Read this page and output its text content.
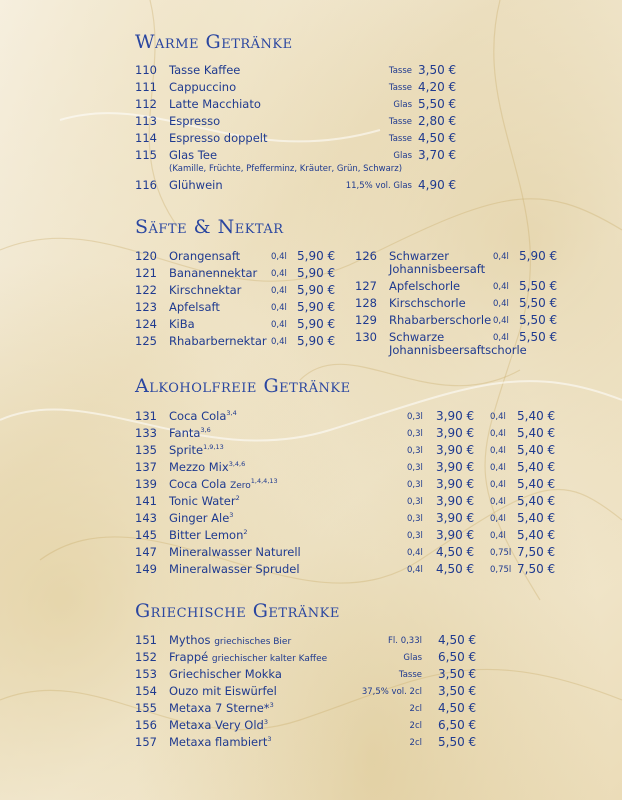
Warme Getränke
110 Tasse Kaffee	Tasse 3,50 €
111 Cappuccino	Tasse 4,20 €
112 Latte Macchiato	Glas 5,50 €
113 Espresso	Tasse 2,80 €
114 Espresso doppelt	Tasse 4,50 €
115 Glas Tee	Glas 3,70 €
116 Glühwein	11,5% vol. Glas 4,90 €
(Kamille, Früchte, Pfefferminz, Kräuter, Grün, Schwarz)
Säfte & Nektar
120 Orangensaft	0,4l 5,90 €
121 Bananennektar 0,4l 5,90 €
122 Kirschnektar	0,4l 5,90 €
123 Apfelsaft	0,4l 5,90 €
124 KiBa	0,4l 5,90 €
125 Rhabarbernektar 0,4l 5,90 €
126 Schwarzer	0,4l 5,90 €
Johannisbeersaft
127 Apfelschorle	0,4l 5,50 €
128 Kirschschorle	0,4l 5,50 €
129 Rhabarberschorle 0,4l 5,50 €
130 Schwarze	0,4l 5,50 €
Johannisbeersaftschorle
Alkoholfreie Getränke
131 Coca Cola$^{3,4}$	0,3l 3,90 € 0,4l 5,40 €
133 Fanta$^{3,6}$	0,3l 3,90 € 0,4l 5,40 €
135 Sprite$^{1,9,13}$	0,3l 3,90 € 0,4l 5,40 €
137 Mezzo Mix$^{3,4,6}$	0,3l 3,90 € 0,4l 5,40 €
139 Coca Cola Zero$^{1,4,4,13}$	0,3l 3,90 € 0,4l 5,40 €
141 Tonic Water$^2$	0,3l 3,90 € 0,4l 5,40 €
143 Ginger Ale$^3$	0,3l 3,90 € 0,4l 5,40 €
145 Bitter Lemon$^2$	0,3l 3,90 € 0,4l 5,40 €
147 Mineralwasser Naturell	0,4l 4,50 € 0,75l 7,50 €
149 Mineralwasser Sprudel	0,4l 4,50 € 0,75l 7,50 €
Griechische Getränke
151 Mythos griechisches Bier	Fl. 0,33l 4,50 €
152 Frappé griechischer kalter Kaffee	Glas 6,50 €
153 Griechischer Mokka	Tasse 3,50 €
154 Ouzo mit Eiswürfel	37,5% vol. 2cl 3,50 €
155 Metaxa 7 Sterne*$^3$	2cl 4,50 €
156 Metaxa Very Old$^3$	2cl 6,50 €
157 Metaxa flambiert$^3$	2cl 5,50 €
